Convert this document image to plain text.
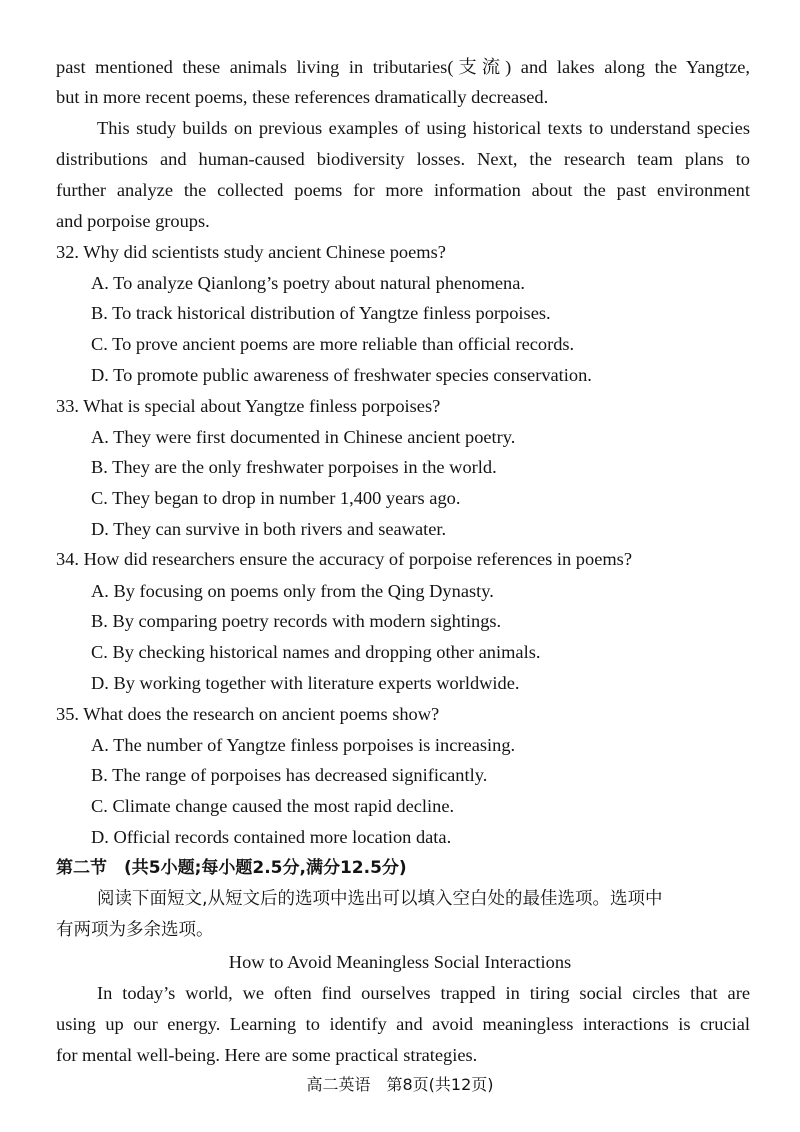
past mentioned these animals living in tributaries(支流) and lakes along the Yangtze,
but in more recent poems, these references dramatically decreased.
This study builds on previous examples of using historical texts to understand species
distributions and human-caused biodiversity losses. Next, the research team plans to
further analyze the collected poems for more information about the past environment
and porpoise groups.
32. Why did scientists study ancient Chinese poems?
A. To analyze Qianlong’s poetry about natural phenomena.
B. To track historical distribution of Yangtze finless porpoises.
C. To prove ancient poems are more reliable than official records.
D. To promote public awareness of freshwater species conservation.
33. What is special about Yangtze finless porpoises?
A. They were first documented in Chinese ancient poetry.
B. They are the only freshwater porpoises in the world.
C. They began to drop in number 1,400 years ago.
D. They can survive in both rivers and seawater.
34. How did researchers ensure the accuracy of porpoise references in poems?
A. By focusing on poems only from the Qing Dynasty.
B. By comparing poetry records with modern sightings.
C. By checking historical names and dropping other animals.
D. By working together with literature experts worldwide.
35. What does the research on ancient poems show?
A. The number of Yangtze finless porpoises is increasing.
B. The range of porpoises has decreased significantly.
C. Climate change caused the most rapid decline.
D. Official records contained more location data.
第二节　(共5小题;每小题2.5分,满分12.5分)
阅读下面短文,从短文后的选项中选出可以填入空白处的最佳选项。选项中
有两项为多余选项。
How to Avoid Meaningless Social Interactions
In today’s world, we often find ourselves trapped in tiring social circles that are
using up our energy. Learning to identify and avoid meaningless interactions is crucial
for mental well-being. Here are some practical strategies.
高二英语　第8页(共12页)
